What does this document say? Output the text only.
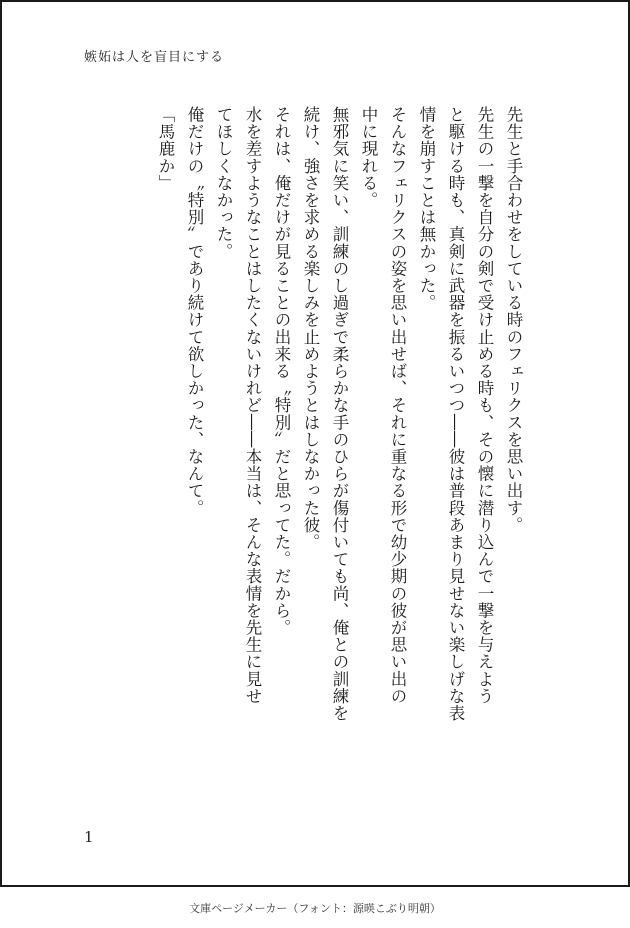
嫉妬は人を盲目にする

先生と手合わせをしている時のフェリクスを思い出す。

先生の一撃を自分の剣で受け止める時も、その懐に潜り込んで一撃を与えよう

と駆ける時も、真剣に武器を振るいつつ――彼は普段あまり見せない楽しげな表

情を崩すことは無かった。

そんなフェリクスの姿を思い出せば、それに重なる形で幼少期の彼が思い出の

中に現れる。

無邪気に笑い、訓練のし過ぎで柔らかな手のひらが傷付いても尚、俺との訓練を

続け、強さを求める楽しみを止めようとはしなかった彼。

それは、俺だけが見ることの出来る〝特別〟だと思ってた。だから。

水を差すようなことはしたくないけれど――本当は、そんな表情を先生に見せ

てほしくなかった。

俺だけの〝特別〟であり続けて欲しかった、なんて。

「馬鹿か」

1
文庫ページメーカー（フォント：源暎こぶり明朝）
